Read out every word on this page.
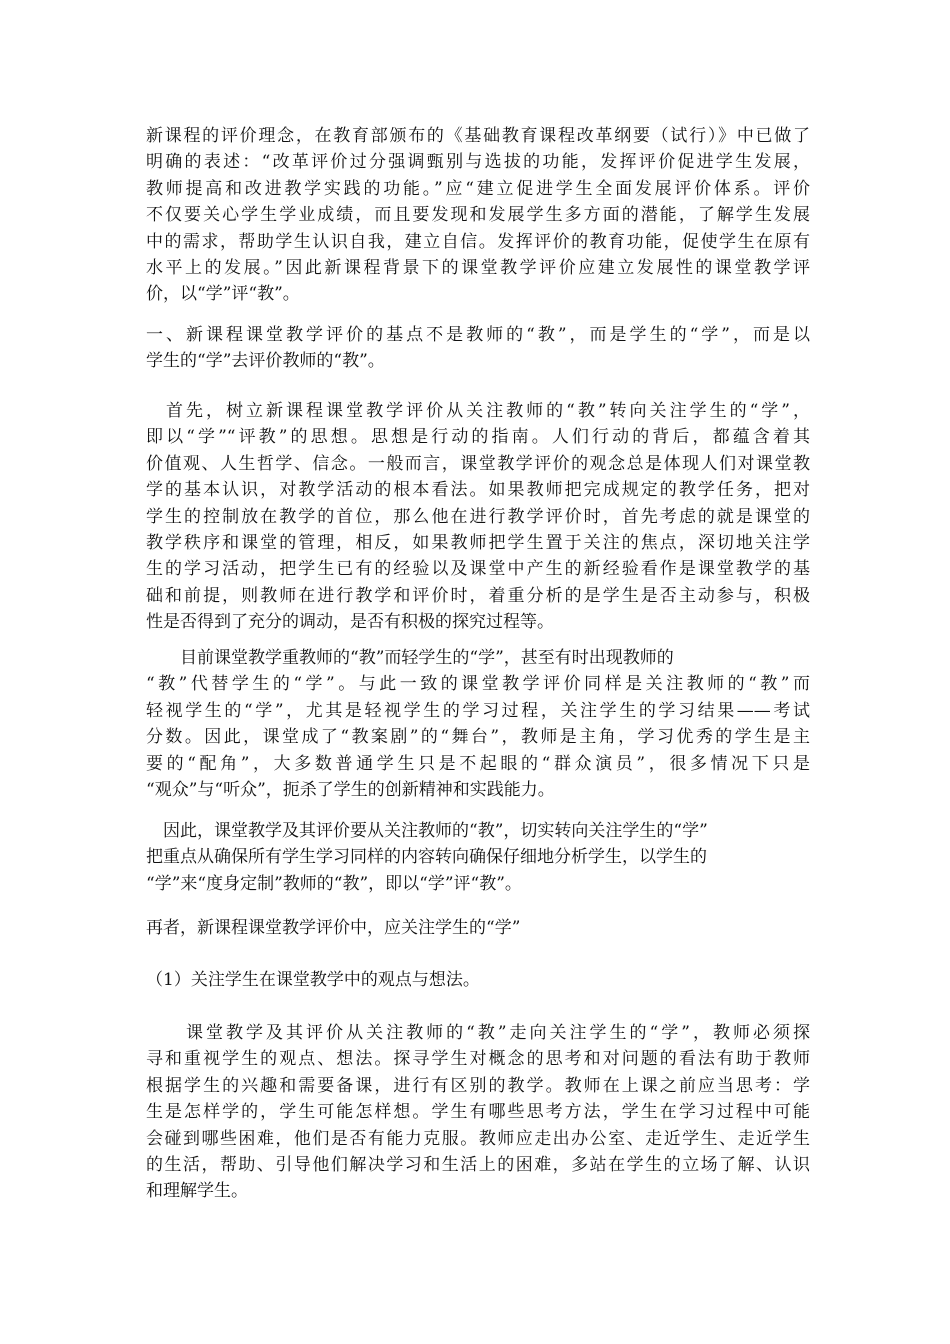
新课程的评价理念，在教育部颁布的《基础教育课程改革纲要（试行）》中已做了
明确的表述：“改革评价过分强调甄别与选拔的功能，发挥评价促进学生发展，
教师提高和改进教学实践的功能。”应“建立促进学生全面发展评价体系。评价
不仅要关心学生学业成绩，而且要发现和发展学生多方面的潜能，了解学生发展
中的需求，帮助学生认识自我，建立自信。发挥评价的教育功能，促使学生在原有
水平上的发展。”因此新课程背景下的课堂教学评价应建立发展性的课堂教学评
价，以“学”评“教”。
一、新课程课堂教学评价的基点不是教师的“教”，而是学生的“学”，而是以
学生的“学”去评价教师的“教”。
　首先，树立新课程课堂教学评价从关注教师的“教”转向关注学生的“学”，
即以“学”“评教”的思想。思想是行动的指南。人们行动的背后，都蕴含着其
价值观、人生哲学、信念。一般而言，课堂教学评价的观念总是体现人们对课堂教
学的基本认识，对教学活动的根本看法。如果教师把完成规定的教学任务，把对
学生的控制放在教学的首位，那么他在进行教学评价时，首先考虑的就是课堂的
教学秩序和课堂的管理，相反，如果教师把学生置于关注的焦点，深切地关注学
生的学习活动，把学生已有的经验以及课堂中产生的新经验看作是课堂教学的基
础和前提，则教师在进行教学和评价时，着重分析的是学生是否主动参与，积极
性是否得到了充分的调动，是否有积极的探究过程等。
　　目前课堂教学重教师的“教”而轻学生的“学”，甚至有时出现教师的
“教”代替学生的“学”。与此一致的课堂教学评价同样是关注教师的“教”而
轻视学生的“学”，尤其是轻视学生的学习过程，关注学生的学习结果——考试
分数。因此，课堂成了“教案剧”的“舞台”，教师是主角，学习优秀的学生是主
要的“配角”，大多数普通学生只是不起眼的“群众演员”，很多情况下只是
“观众”与“听众”，扼杀了学生的创新精神和实践能力。
　因此，课堂教学及其评价要从关注教师的“教”，切实转向关注学生的“学”
把重点从确保所有学生学习同样的内容转向确保仔细地分析学生，以学生的
“学”来“度身定制”教师的“教”，即以“学”评“教”。
再者，新课程课堂教学评价中，应关注学生的“学”
（1）关注学生在课堂教学中的观点与想法。
　　课堂教学及其评价从关注教师的“教”走向关注学生的“学”，教师必须探
寻和重视学生的观点、想法。探寻学生对概念的思考和对问题的看法有助于教师
根据学生的兴趣和需要备课，进行有区别的教学。教师在上课之前应当思考：学
生是怎样学的，学生可能怎样想。学生有哪些思考方法，学生在学习过程中可能
会碰到哪些困难，他们是否有能力克服。教师应走出办公室、走近学生、走近学生
的生活，帮助、引导他们解决学习和生活上的困难，多站在学生的立场了解、认识
和理解学生。
